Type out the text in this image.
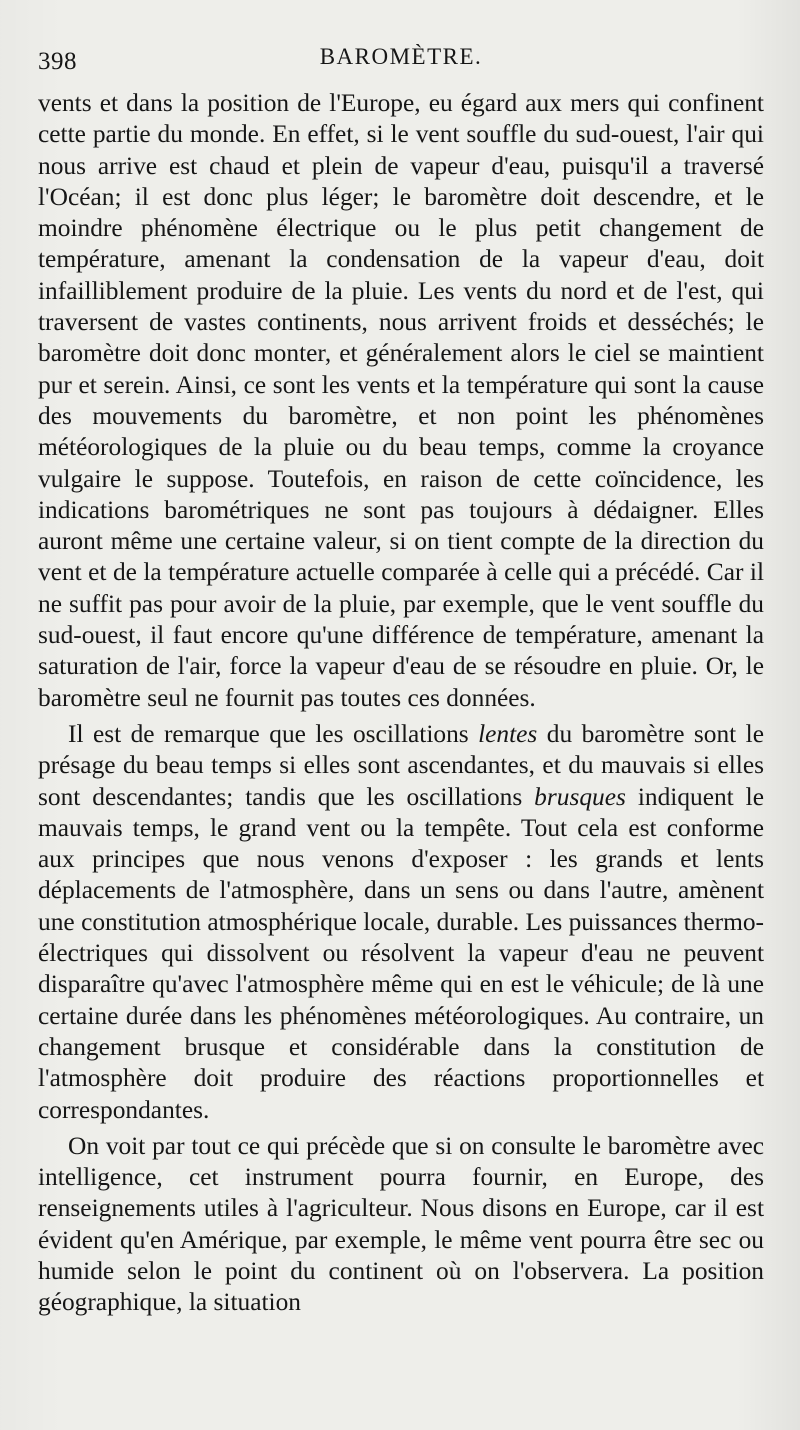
398	BAROMÈTRE.

vents et dans la position de l'Europe, eu égard aux mers qui confinent cette partie du monde. En effet, si le vent souffle du sud-ouest, l'air qui nous arrive est chaud et plein de vapeur d'eau, puisqu'il a traversé l'Océan; il est donc plus léger; le baromètre doit descendre, et le moindre phénomène électrique ou le plus petit changement de température, amenant la condensation de la vapeur d'eau, doit infailliblement produire de la pluie. Les vents du nord et de l'est, qui traversent de vastes continents, nous arrivent froids et desséchés; le baromètre doit donc monter, et généralement alors le ciel se maintient pur et serein. Ainsi, ce sont les vents et la température qui sont la cause des mouvements du baromètre, et non point les phénomènes météorologiques de la pluie ou du beau temps, comme la croyance vulgaire le suppose. Toutefois, en raison de cette coïncidence, les indications barométriques ne sont pas toujours à dédaigner. Elles auront même une certaine valeur, si on tient compte de la direction du vent et de la température actuelle comparée à celle qui a précédé. Car il ne suffit pas pour avoir de la pluie, par exemple, que le vent souffle du sud-ouest, il faut encore qu'une différence de température, amenant la saturation de l'air, force la vapeur d'eau de se résoudre en pluie. Or, le baromètre seul ne fournit pas toutes ces données.

Il est de remarque que les oscillations lentes du baromètre sont le présage du beau temps si elles sont ascendantes, et du mauvais si elles sont descendantes; tandis que les oscillations brusques indiquent le mauvais temps, le grand vent ou la tempête. Tout cela est conforme aux principes que nous venons d'exposer : les grands et lents déplacements de l'atmosphère, dans un sens ou dans l'autre, amènent une constitution atmosphérique locale, durable. Les puissances thermo-électriques qui dissolvent ou résolvent la vapeur d'eau ne peuvent disparaître qu'avec l'atmosphère même qui en est le véhicule; de là une certaine durée dans les phénomènes météorologiques. Au contraire, un changement brusque et considérable dans la constitution de l'atmosphère doit produire des réactions proportionnelles et correspondantes.

On voit par tout ce qui précède que si on consulte le baromètre avec intelligence, cet instrument pourra fournir, en Europe, des renseignements utiles à l'agriculteur. Nous disons en Europe, car il est évident qu'en Amérique, par exemple, le même vent pourra être sec ou humide selon le point du continent où on l'observera. La position géographique, la situation
